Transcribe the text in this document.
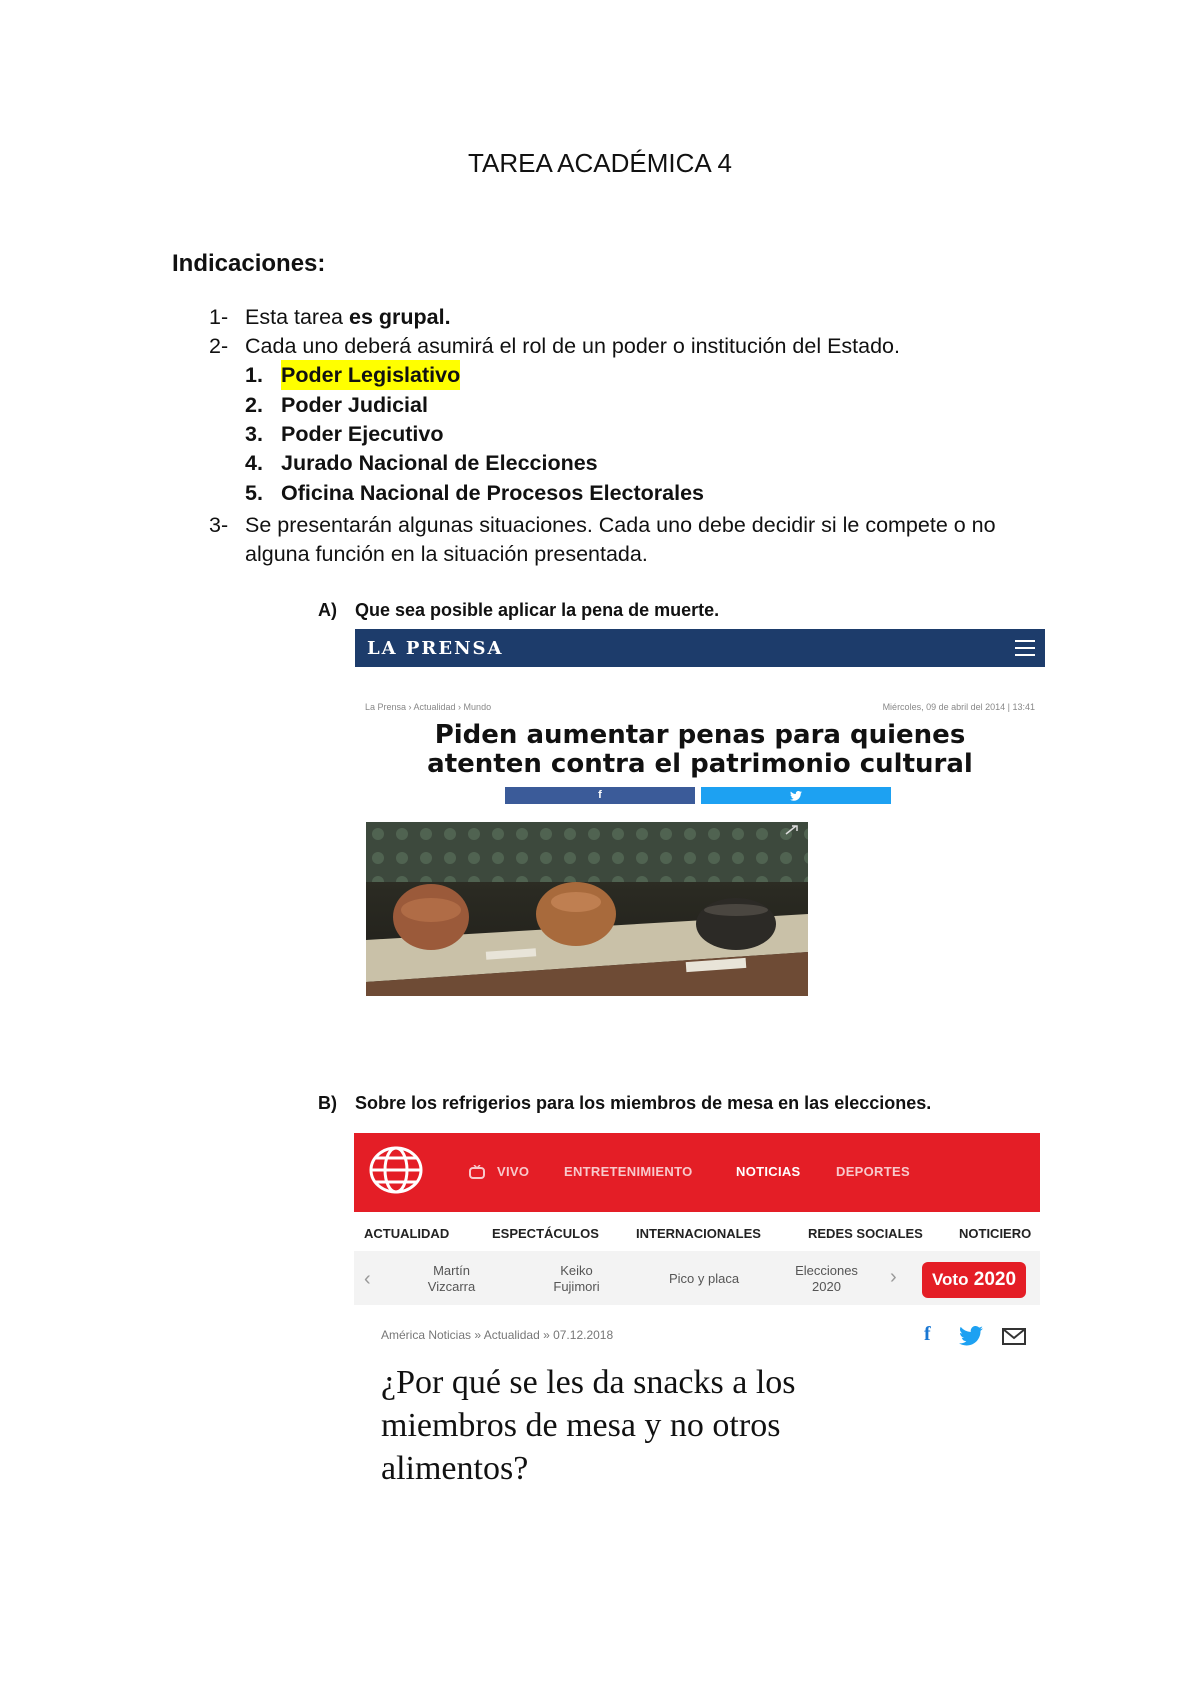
TAREA ACADÉMICA 4
Indicaciones:
1- Esta tarea es grupal.
2- Cada uno deberá asumirá el rol de un poder o institución del Estado.
1. Poder Legislativo
2. Poder Judicial
3. Poder Ejecutivo
4. Jurado Nacional de Elecciones
5. Oficina Nacional de Procesos Electorales
3- Se presentarán algunas situaciones. Cada uno debe decidir si le compete o no
alguna función en la situación presentada.
A) Que sea posible aplicar la pena de muerte.
LA PRENSA
La Prensa › Actualidad › Mundo	Miércoles, 09 de abril del 2014 | 13:41
Piden aumentar penas para quienes
atenten contra el patrimonio cultural
f
B) Sobre los refrigerios para los miembros de mesa en las elecciones.
VIVO	ENTRETENIMIENTO	NOTICIAS	DEPORTES
ACTUALIDAD	ESPECTÁCULOS	INTERNACIONALES	REDES SOCIALES	NOTICIERO
‹	Martín
Vizcarra
Keiko
Fujimori
Pico y placa
Elecciones
2020	›	Voto 2020
América Noticias » Actualidad » 07.12.2018	f
¿Por qué se les da snacks a los
miembros de mesa y no otros
alimentos?
